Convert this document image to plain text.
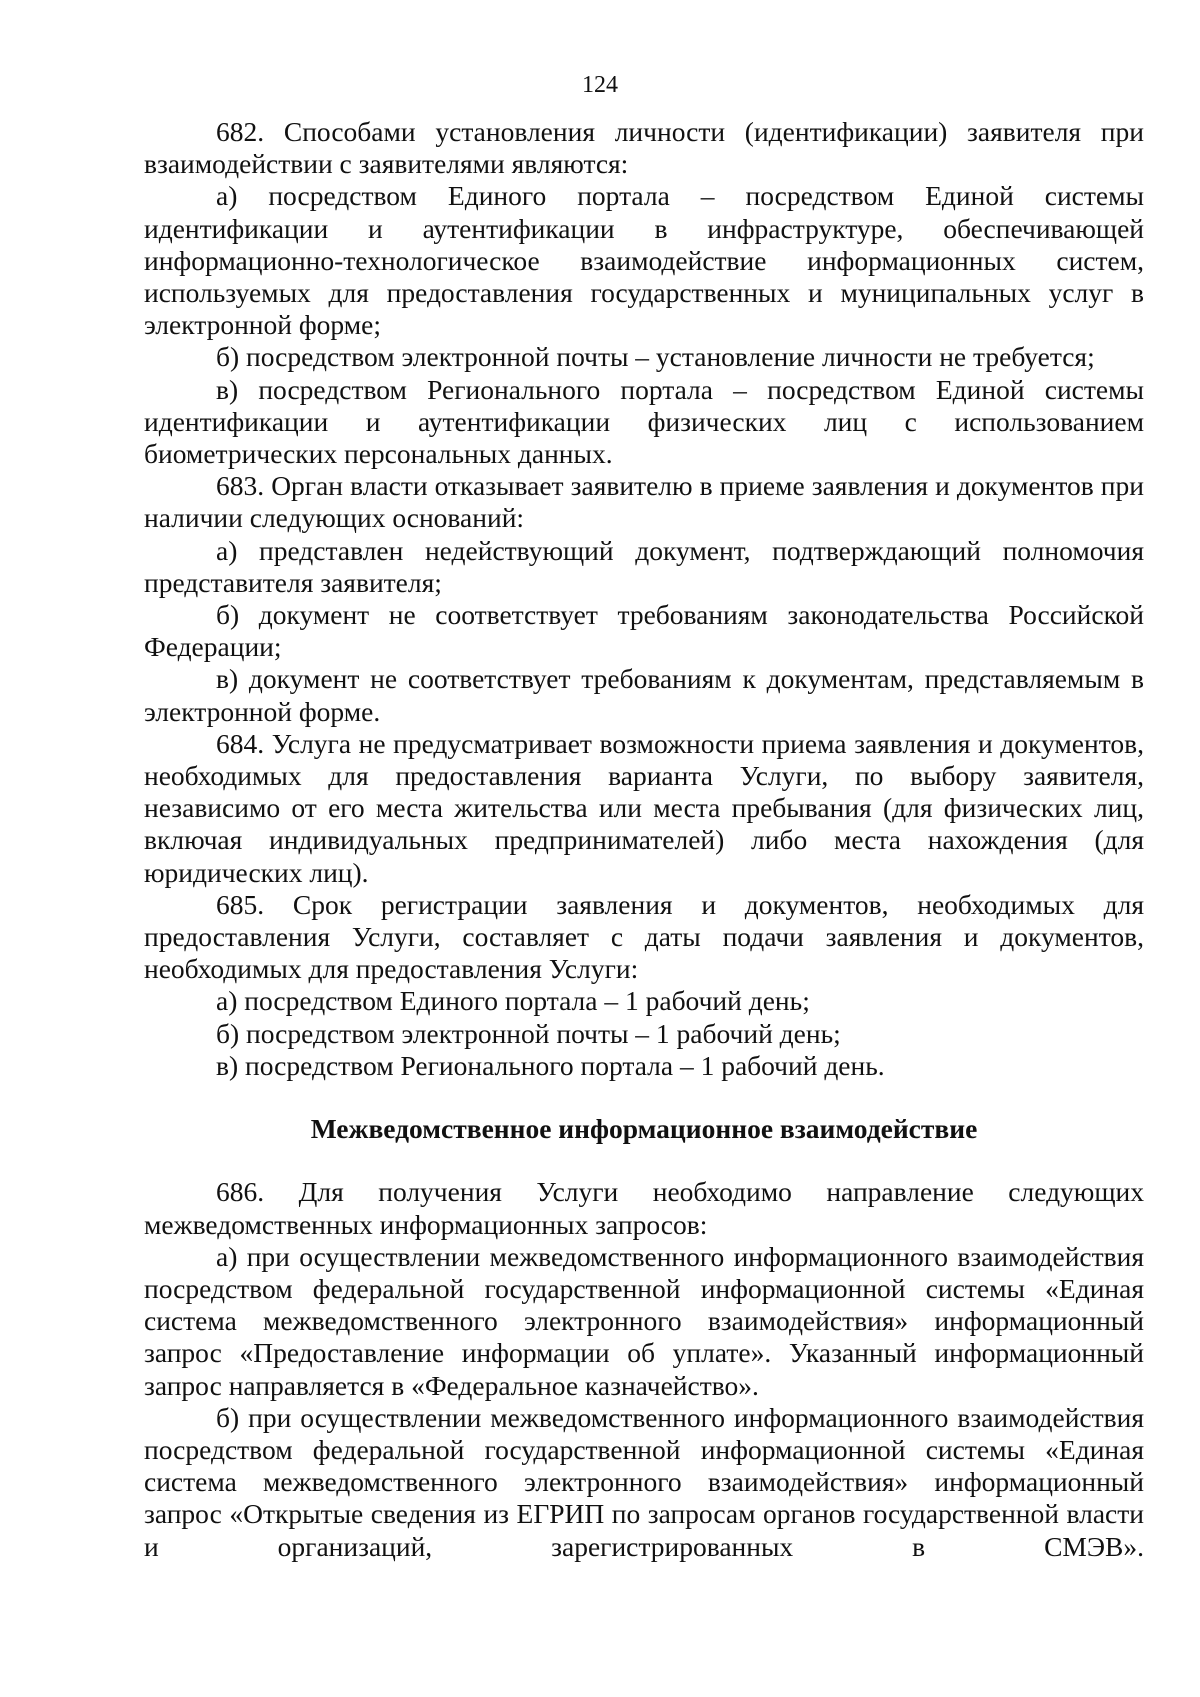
124

682. Способами установления личности (идентификации) заявителя при взаимодействии с заявителями являются:

а) посредством Единого портала – посредством Единой системы идентификации и аутентификации в инфраструктуре, обеспечивающей информационно-технологическое взаимодействие информационных систем, используемых для предоставления государственных и муниципальных услуг в электронной форме;

б) посредством электронной почты – установление личности не требуется;

в) посредством Регионального портала – посредством Единой системы идентификации и аутентификации физических лиц с использованием биометрических персональных данных.

683. Орган власти отказывает заявителю в приеме заявления и документов при наличии следующих оснований:

а) представлен недействующий документ, подтверждающий полномочия представителя заявителя;

б) документ не соответствует требованиям законодательства Российской Федерации;

в) документ не соответствует требованиям к документам, представляемым в электронной форме.

684. Услуга не предусматривает возможности приема заявления и документов, необходимых для предоставления варианта Услуги, по выбору заявителя, независимо от его места жительства или места пребывания (для физических лиц, включая индивидуальных предпринимателей) либо места нахождения (для юридических лиц).

685. Срок регистрации заявления и документов, необходимых для предоставления Услуги, составляет с даты подачи заявления и документов, необходимых для предоставления Услуги:

а) посредством Единого портала – 1 рабочий день;

б) посредством электронной почты – 1 рабочий день;

в) посредством Регионального портала – 1 рабочий день.

Межведомственное информационное взаимодействие

686. Для получения Услуги необходимо направление следующих межведомственных информационных запросов:

а) при осуществлении межведомственного информационного взаимодействия посредством федеральной государственной информационной системы «Единая система межведомственного электронного взаимодействия» информационный запрос «Предоставление информации об уплате». Указанный информационный запрос направляется в «Федеральное казначейство».

б) при осуществлении межведомственного информационного взаимодействия посредством федеральной государственной информационной системы «Единая система межведомственного электронного взаимодействия» информационный запрос «Открытые сведения из ЕГРИП по запросам органов государственной власти и организаций, зарегистрированных в СМЭВ».
